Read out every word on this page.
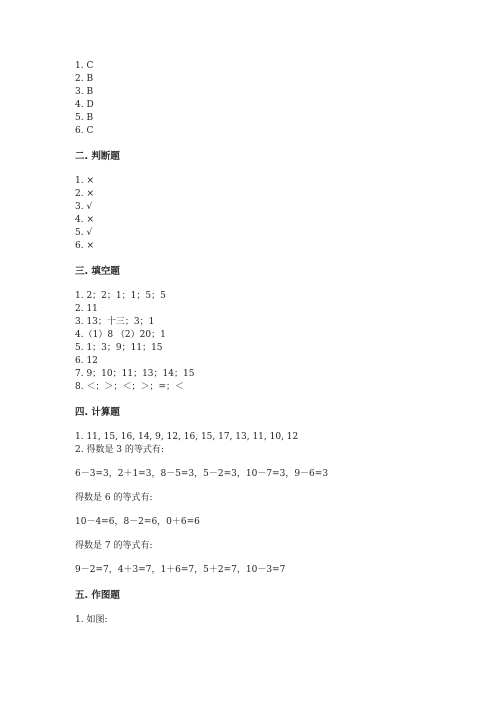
1. C
2. B
3. B
4. D
5. B
6. C
二. 判断题
1. ×
2. ×
3. √
4. ×
5. √
6. ×
三. 填空题
1. 2；2；1；1；5；5
2. 11
3. 13；十三；3；1
4.（1）8 （2）20；1
5. 1；3；9；11；15
6. 12
7. 9；10；11；13；14；15
8. ＜；＞；＜；＞；=；＜
四. 计算题
1. 11, 15, 16, 14, 9, 12, 16, 15, 17, 13, 11, 10, 12
2. 得数是 3 的等式有:
6－3=3，2＋1=3，8－5=3，5－2=3，10－7=3，9－6=3
得数是 6 的等式有:
10－4=6，8－2=6，0＋6=6
得数是 7 的等式有:
9－2=7，4＋3=7，1＋6=7，5＋2=7，10－3=7
五. 作图题
1. 如图:
